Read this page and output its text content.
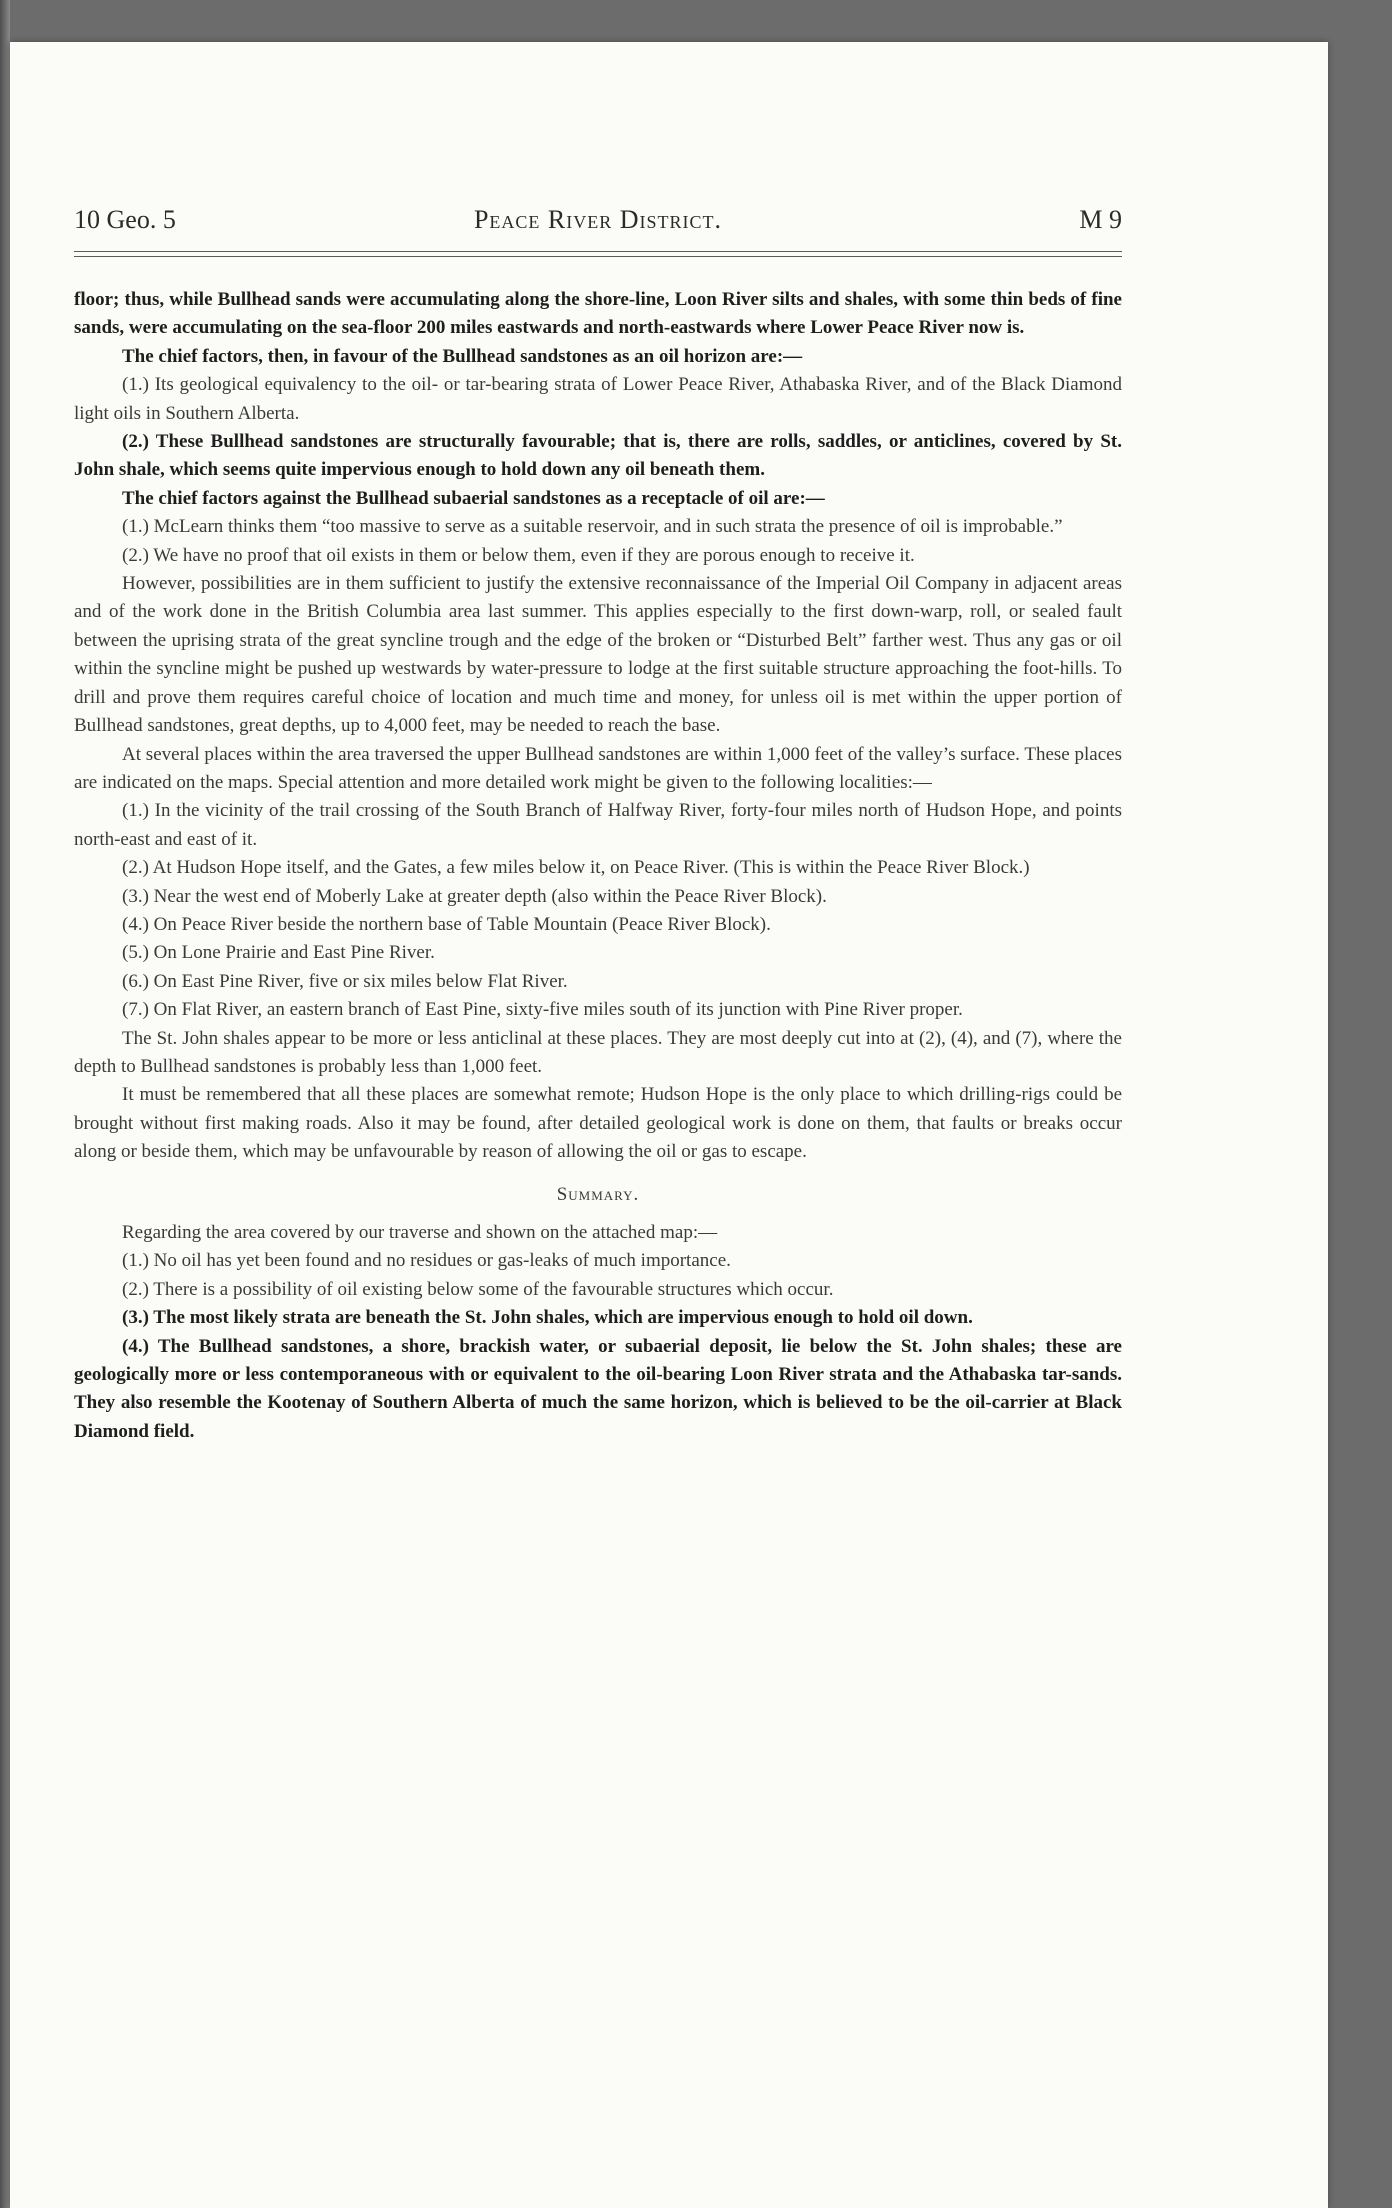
10 Geo. 5	Peace River District.	M 9

floor; thus, while Bullhead sands were accumulating along the shore-line, Loon River silts and shales, with some thin beds of fine sands, were accumulating on the sea-floor 200 miles eastwards and north-eastwards where Lower Peace River now is.

The chief factors, then, in favour of the Bullhead sandstones as an oil horizon are:—

(1.) Its geological equivalency to the oil- or tar-bearing strata of Lower Peace River, Athabaska River, and of the Black Diamond light oils in Southern Alberta.

(2.) These Bullhead sandstones are structurally favourable; that is, there are rolls, saddles, or anticlines, covered by St. John shale, which seems quite impervious enough to hold down any oil beneath them.

The chief factors against the Bullhead subaerial sandstones as a receptacle of oil are:—

(1.) McLearn thinks them “too massive to serve as a suitable reservoir, and in such strata the presence of oil is improbable.”

(2.) We have no proof that oil exists in them or below them, even if they are porous enough to receive it.

However, possibilities are in them sufficient to justify the extensive reconnaissance of the Imperial Oil Company in adjacent areas and of the work done in the British Columbia area last summer. This applies especially to the first down-warp, roll, or sealed fault between the uprising strata of the great syncline trough and the edge of the broken or “Disturbed Belt” farther west. Thus any gas or oil within the syncline might be pushed up westwards by water-pressure to lodge at the first suitable structure approaching the foot-hills. To drill and prove them requires careful choice of location and much time and money, for unless oil is met within the upper portion of Bullhead sandstones, great depths, up to 4,000 feet, may be needed to reach the base.

At several places within the area traversed the upper Bullhead sandstones are within 1,000 feet of the valley’s surface. These places are indicated on the maps. Special attention and more detailed work might be given to the following localities:—

(1.) In the vicinity of the trail crossing of the South Branch of Halfway River, forty-four miles north of Hudson Hope, and points north-east and east of it.

(2.) At Hudson Hope itself, and the Gates, a few miles below it, on Peace River. (This is within the Peace River Block.)

(3.) Near the west end of Moberly Lake at greater depth (also within the Peace River Block).

(4.) On Peace River beside the northern base of Table Mountain (Peace River Block).

(5.) On Lone Prairie and East Pine River.

(6.) On East Pine River, five or six miles below Flat River.

(7.) On Flat River, an eastern branch of East Pine, sixty-five miles south of its junction with Pine River proper.

The St. John shales appear to be more or less anticlinal at these places. They are most deeply cut into at (2), (4), and (7), where the depth to Bullhead sandstones is probably less than 1,000 feet.

It must be remembered that all these places are somewhat remote; Hudson Hope is the only place to which drilling-rigs could be brought without first making roads. Also it may be found, after detailed geological work is done on them, that faults or breaks occur along or beside them, which may be unfavourable by reason of allowing the oil or gas to escape.

Summary.

Regarding the area covered by our traverse and shown on the attached map:—

(1.) No oil has yet been found and no residues or gas-leaks of much importance.

(2.) There is a possibility of oil existing below some of the favourable structures which occur.

(3.) The most likely strata are beneath the St. John shales, which are impervious enough to hold oil down.

(4.) The Bullhead sandstones, a shore, brackish water, or subaerial deposit, lie below the St. John shales; these are geologically more or less contemporaneous with or equivalent to the oil-bearing Loon River strata and the Athabaska tar-sands. They also resemble the Kootenay of Southern Alberta of much the same horizon, which is believed to be the oil-carrier at Black Diamond field.
